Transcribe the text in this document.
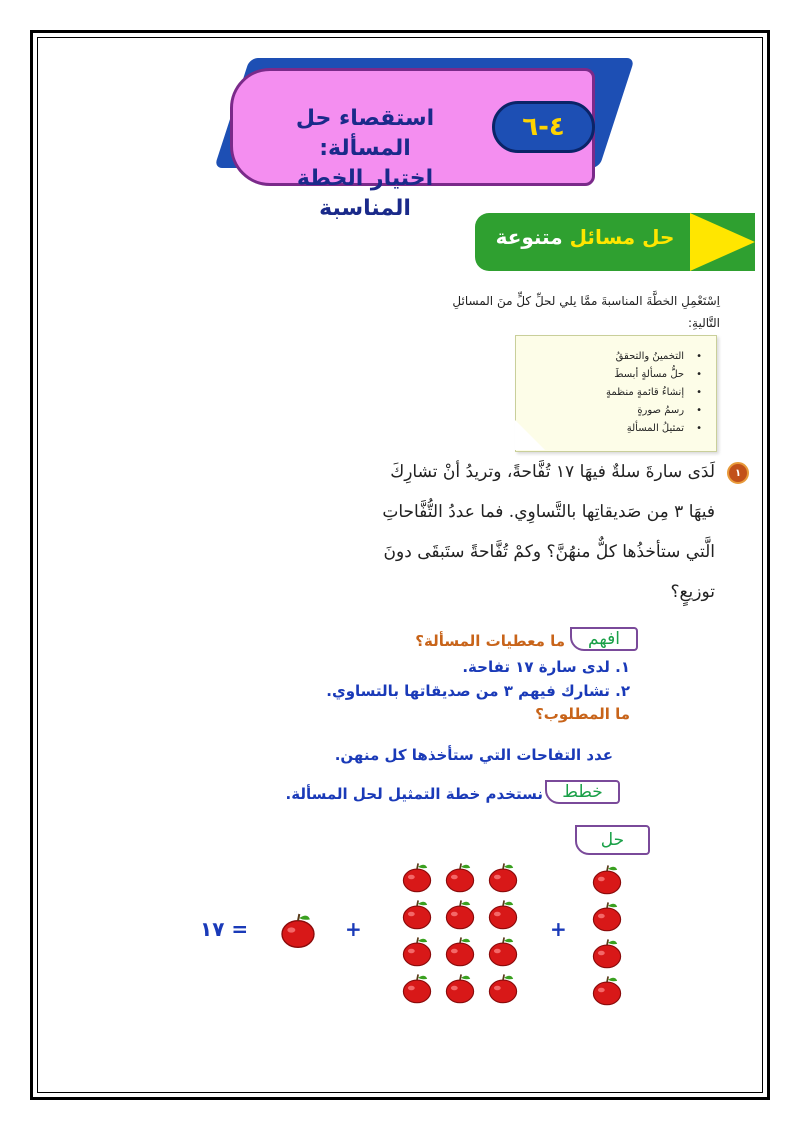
استقصاء حل المسألة:
اختيار الخطة المناسبة
٤-٦
حل مسائل متنوعة
اِسْتَعْمِلِ الخطَّةَ المناسبةَ ممَّا يلي لحلِّ كلٍّ منَ المسائلِ التَّاليةِ:
• التخمينُ والتحققُ
• حلُّ مسألةٍ أبسطَ
• إنشاءُ قائمةٍ منظمةٍ
• رسمُ صورةٍ
• تمثيلُ المسألةِ
١
لَدَى سارةَ سلةٌ فيهَا ١٧ تُفَّاحةً، وتريدُ أنْ تشارِكَ فيهَا ٣ مِن صَديقاتِها بالتَّساوِي. فما عددُ التُّفَّاحاتِ الَّتي ستأخذُها كلٌّ منهُنَّ؟ وكمْ تُفَّاحةً ستَبقَى دونَ توزيعٍ؟
افهم
ما معطيات المسألة؟
١. لدى سارة ١٧ تفاحة.
٢. تشارك فيهم ٣ من صديقاتها بالتساوي.
ما المطلوب؟
عدد التفاحات التي ستأخذها كل منهن.
خطط
نستخدم خطة التمثيل لحل المسألة.
حل
١٧ =	+	+
